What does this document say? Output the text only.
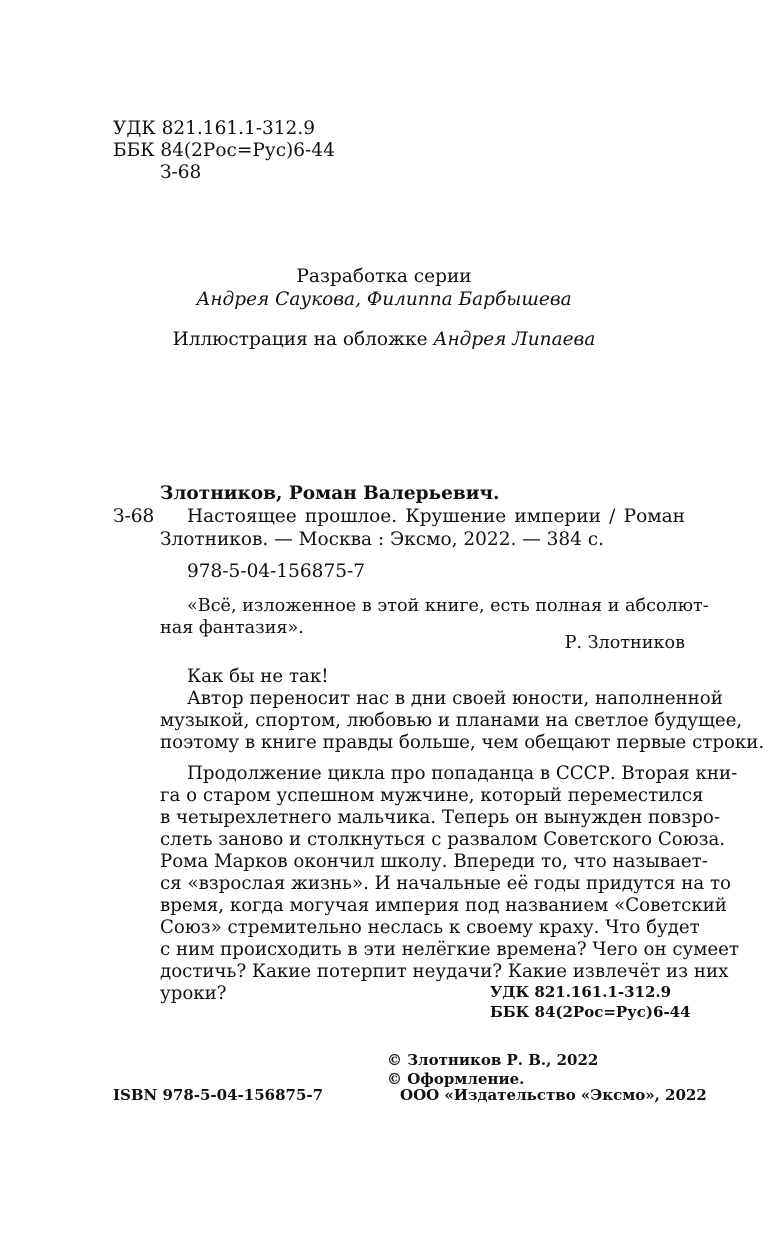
УДК 821.161.1-312.9
ББК 84(2Рос=Рус)6-44
З-68
Разработка серии
Андрея Саукова, Филиппа Барбышева
Иллюстрация на обложке Андрея Липаева
Злотников, Роман Валерьевич.
З-68 Настоящее прошлое. Крушение империи / Роман
Злотников. — Москва : Эксмо, 2022. — 384 с.
978-5-04-156875-7
«Всё, изложенное в этой книге, есть полная и абсолют-
ная фантазия».
Р. Злотников
Как бы не так!
Автор переносит нас в дни своей юности, наполненной
музыкой, спортом, любовью и планами на светлое будущее,
поэтому в книге правды больше, чем обещают первые строки.
Продолжение цикла про попаданца в СССР. Вторая кни-
га о старом успешном мужчине, который переместился
в четырехлетнего мальчика. Теперь он вынужден повзро-
слеть заново и столкнуться с развалом Советского Союза.
Рома Марков окончил школу. Впереди то, что называет-
ся «взрослая жизнь». И начальные её годы придутся на то
время, когда могучая империя под названием «Советский
Союз» стремительно неслась к своему краху. Что будет
с ним происходить в эти нелёгкие времена? Чего он сумеет
достичь? Какие потерпит неудачи? Какие извлечёт из них
уроки?	УДК 821.161.1-312.9
ББК 84(2Рос=Рус)6-44
© Злотников Р. В., 2022
© Оформление.
ООО «Издательство «Эксмо», 2022
ISBN 978-5-04-156875-7
